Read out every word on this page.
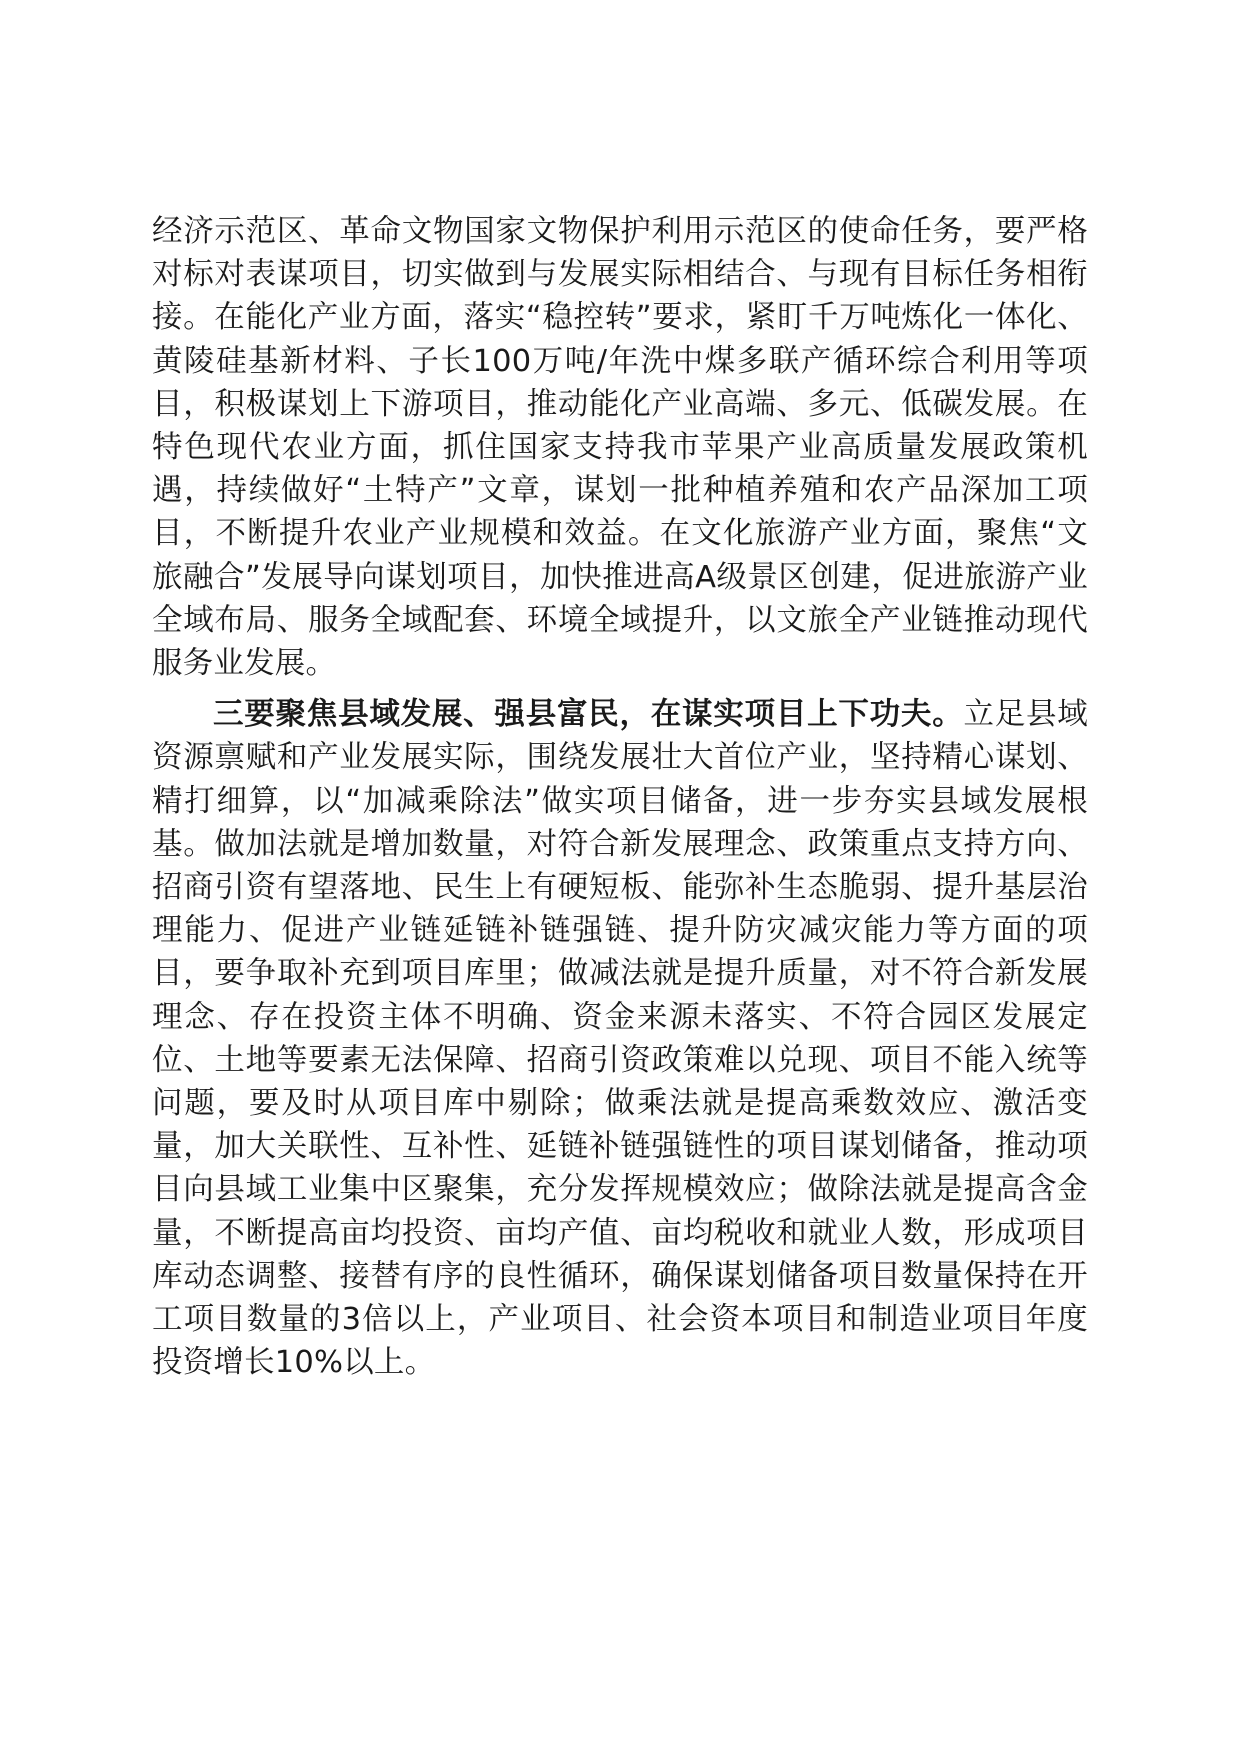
经济示范区、革命文物国家文物保护利用示范区的使命任务，要严格对标对表谋项目，切实做到与发展实际相结合、与现有目标任务相衔接。在能化产业方面，落实“稳控转”要求，紧盯千万吨炼化一体化、黄陵硅基新材料、子长100万吨/年洗中煤多联产循环综合利用等项目，积极谋划上下游项目，推动能化产业高端、多元、低碳发展。在特色现代农业方面，抓住国家支持我市苹果产业高质量发展政策机遇，持续做好“土特产”文章，谋划一批种植养殖和农产品深加工项目，不断提升农业产业规模和效益。在文化旅游产业方面，聚焦“文旅融合”发展导向谋划项目，加快推进高A级景区创建，促进旅游产业全域布局、服务全域配套、环境全域提升，以文旅全产业链推动现代服务业发展。

三要聚焦县域发展、强县富民，在谋实项目上下功夫。立足县域资源禀赋和产业发展实际，围绕发展壮大首位产业，坚持精心谋划、精打细算，以“加减乘除法”做实项目储备，进一步夯实县域发展根基。做加法就是增加数量，对符合新发展理念、政策重点支持方向、招商引资有望落地、民生上有硬短板、能弥补生态脆弱、提升基层治理能力、促进产业链延链补链强链、提升防灾减灾能力等方面的项目，要争取补充到项目库里；做减法就是提升质量，对不符合新发展理念、存在投资主体不明确、资金来源未落实、不符合园区发展定位、土地等要素无法保障、招商引资政策难以兑现、项目不能入统等问题，要及时从项目库中剔除；做乘法就是提高乘数效应、激活变量，加大关联性、互补性、延链补链强链性的项目谋划储备，推动项目向县域工业集中区聚集，充分发挥规模效应；做除法就是提高含金量，不断提高亩均投资、亩均产值、亩均税收和就业人数，形成项目库动态调整、接替有序的良性循环，确保谋划储备项目数量保持在开工项目数量的3倍以上，产业项目、社会资本项目和制造业项目年度投资增长10%以上。
